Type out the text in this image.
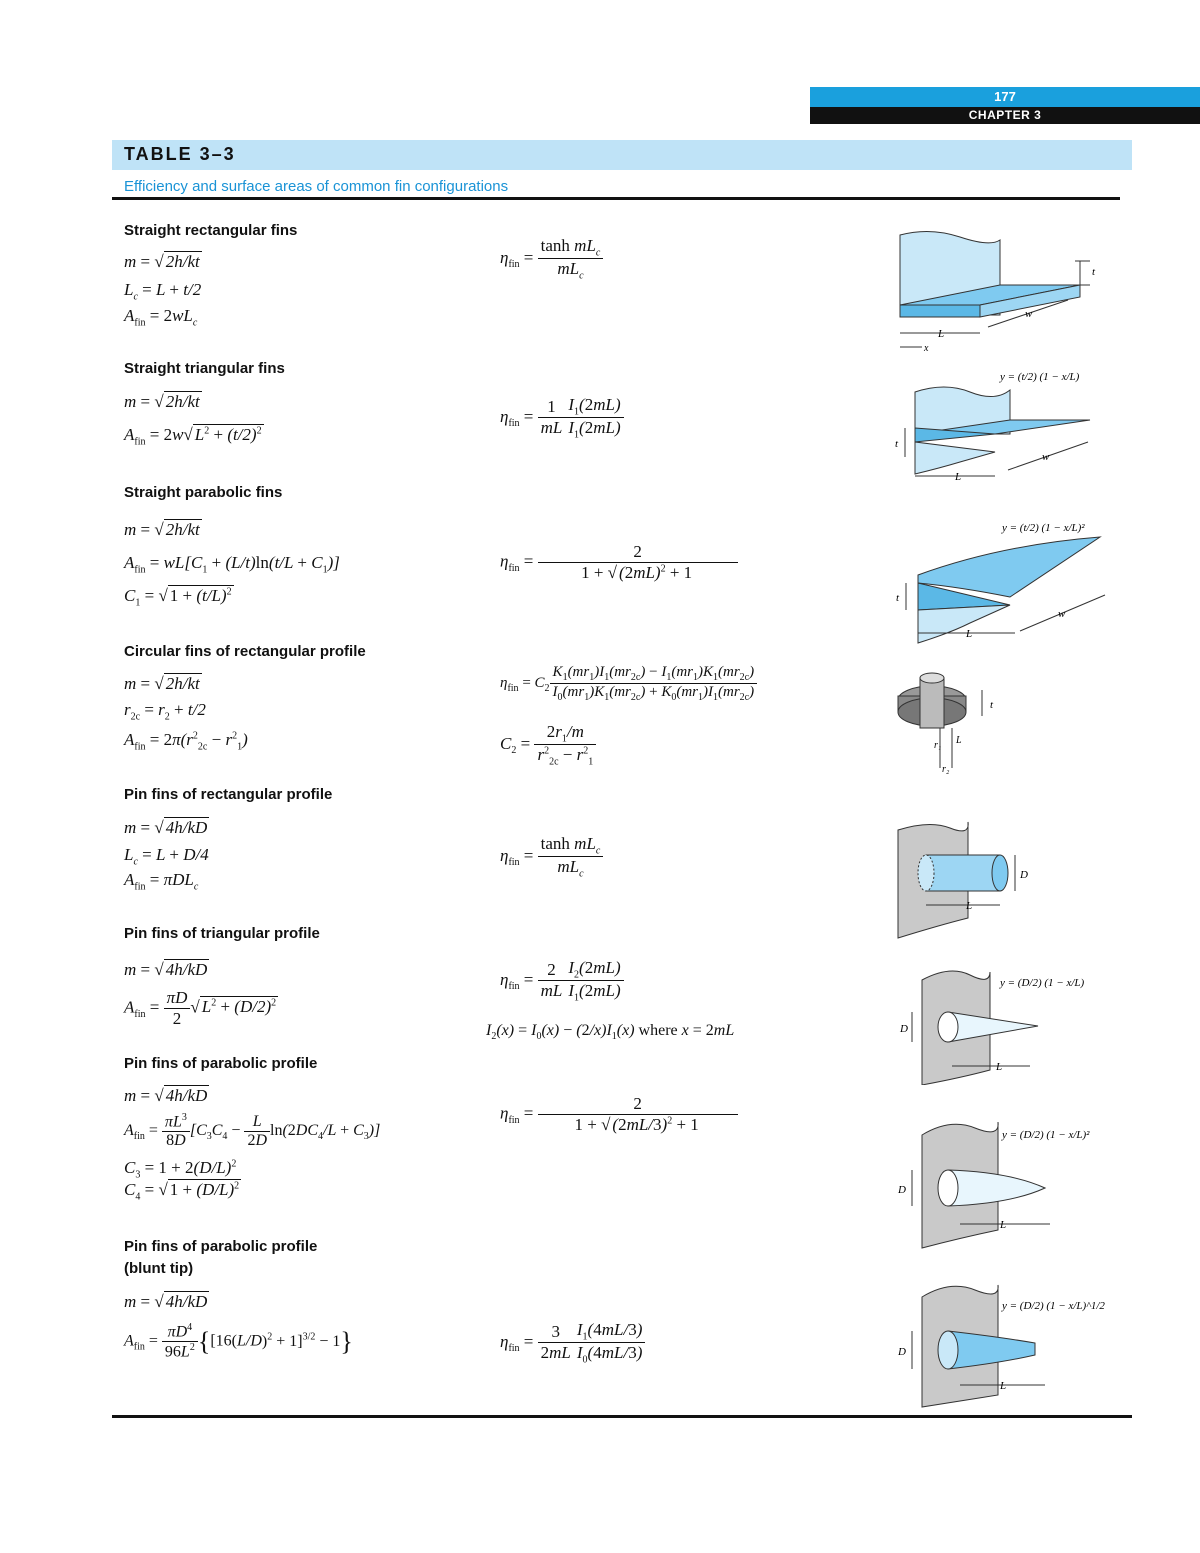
177
CHAPTER 3
TABLE 3–3
Efficiency and surface areas of common fin configurations
Straight rectangular fins
m = √ 2h/kt
$L_c = L + t/2$
$A_{fin} = 2wL_c$
$\eta_{fin} = \frac{\tanh mL_c}{mL_c}$
Straight triangular fins
m = √ 2h/kt
$A_{fin} = 2w√$ $L^2 + (t/2)^2$
$\eta_{fin} = \frac{1}{mL} \frac{I_1(2mL)}{I_1(2mL)}$
Straight parabolic fins
m = √ 2h/kt
$A_{fin} = wL[C_1 + (L/t)\ln(t/L + C_1)]$
$C_1$ = √ $1 + (t/L)^2$
$\eta_{fin} = \frac{2}{1 + √ (2mL)^2 + 1}$
Circular fins of rectangular profile
m = √ 2h/kt
$r_{2c} = r_2 + t/2$
$A_{fin} = 2\pi(r^2_{2c} - r^2_1)$
$\eta_{fin} = C_2 \frac{K_1(mr_1)I_1(mr_{2c}) - I_1(mr_1)K_1(mr_{2c})}{I_0(mr_1)K_1(mr_{2c}) + K_0(mr_1)I_1(mr_{2c})}$
$C_2 = \frac{2r_1/m}{r^2_{2c} - r^2_1}$
Pin fins of rectangular profile
m = √ 4h/kD
$L_c = L + D/4$
$A_{fin} = \pi DL_c$
$\eta_{fin} = \frac{\tanh mL_c}{mL_c}$
Pin fins of triangular profile
m = √ 4h/kD
$A_{fin} = \frac{\pi D}{2}$ √ $L^2 + (D/2)^2$
$\eta_{fin} = \frac{2}{mL} \frac{I_2(2mL)}{I_1(2mL)}$
$I_2(x) = I_0(x) - (2/x)I_1(x)$ where x = 2mL
Pin fins of parabolic profile
m = √ 4h/kD
$A_{fin} = \frac{\pi L^3}{8D} [C_3C_4 - \frac{L}{2D} \ln(2DC_4/L + C_3)]$
$C_3 = 1 + 2(D/L)^2$
$C_4$ = √ $1 + (D/L)^2$
$\eta_{fin} = \frac{2}{1 + √ (2mL/3)^2 + 1}$
Pin fins of parabolic profile
(blunt tip)
m = √ 4h/kD
$A_{fin} = \frac{\pi D^4}{96L^2} \{[16(L/D)^2 + 1]^{3/2} - 1\}$	$\eta_{fin} = \frac{3}{2mL} \frac{I_1(4mL/3)}{I_0(4mL/3)}$
t
L
w
x
y = (t/2) (1 − x/L)
t
L
w
y = (t/2) (1 − x/L)²
t
L
w
t
r₁ L
r₂
D
L
y = (D/2) (1 − x/L)
D
L
y = (D/2) (1 − x/L)²
D
L
y = (D/2) (1 − x/L)^1/2
D
L
